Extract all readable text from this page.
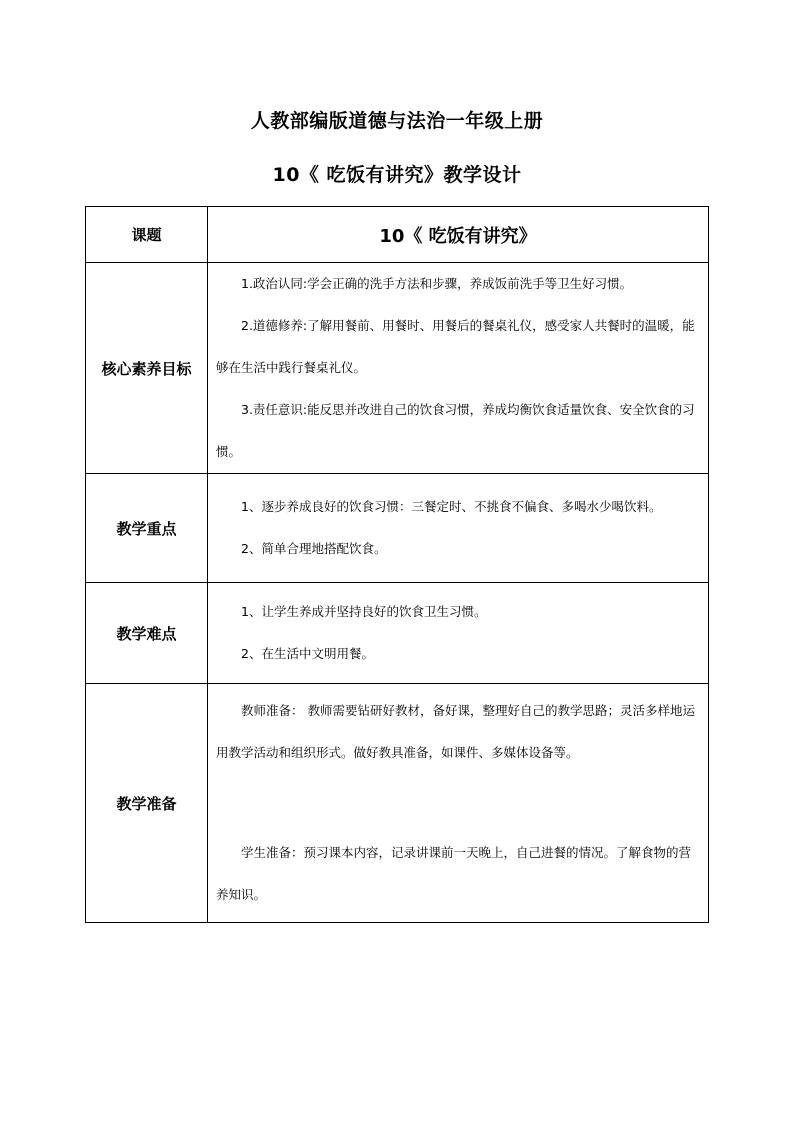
人教部编版道德与法治一年级上册
10《 吃饭有讲究》教学设计
课题	10《 吃饭有讲究》
核心素养目标	1.政治认同:学会正确的洗手方法和步骤，养成饭前洗手等卫生好习惯。

2.道德修养:了解用餐前、用餐时、用餐后的餐桌礼仪，感受家人共餐时的温暖，能够在生活中践行餐桌礼仪。

3.责任意识:能反思并改进自己的饮食习惯，养成均衡饮食适量饮食、安全饮食的习惯。

教学重点	1、逐步养成良好的饮食习惯：三餐定时、不挑食不偏食、多喝水少喝饮料。

2、简单合理地搭配饮食。

教学难点	1、让学生养成并坚持良好的饮食卫生习惯。

2、在生活中文明用餐。

教学准备	教师准备： 教师需要钻研好教材，备好课，整理好自己的教学思路；灵活多样地运用教学活动和组织形式。做好教具准备，如课件、多媒体设备等。

学生准备：预习课本内容，记录讲课前一天晚上，自己进餐的情况。了解食物的营养知识。
